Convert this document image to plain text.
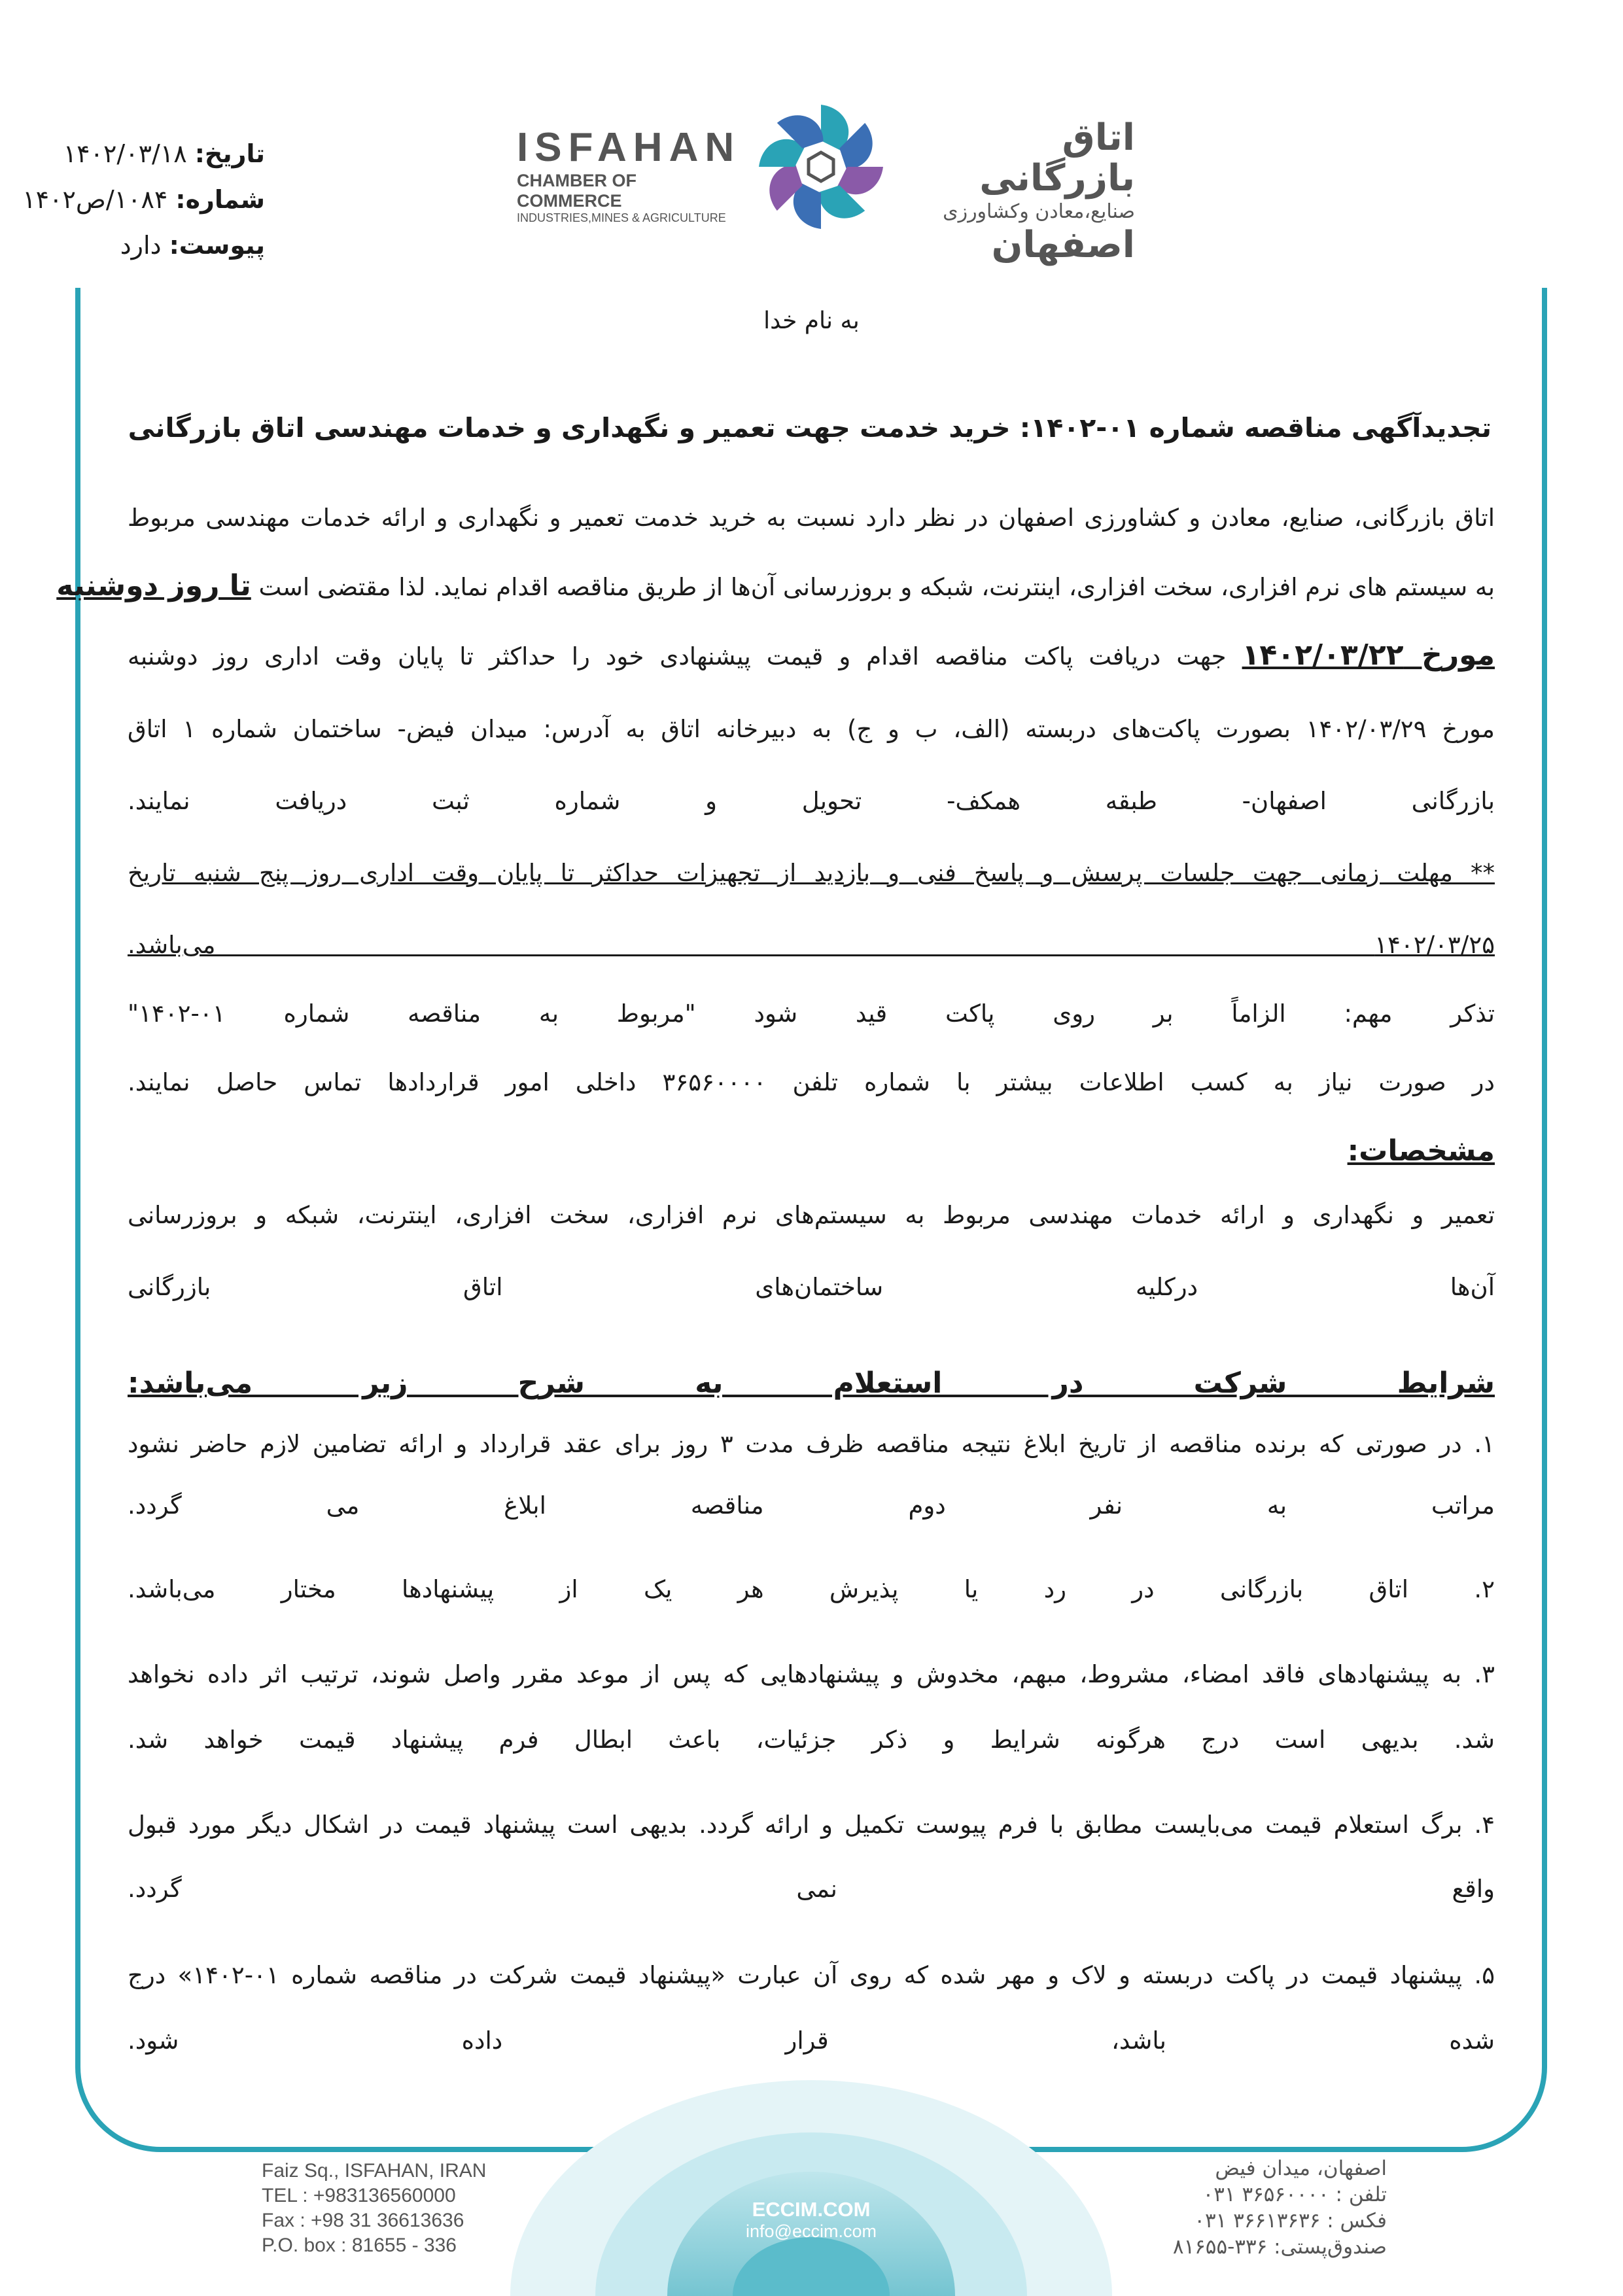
تاریخ: ۱۴۰۲/۰۳/۱۸
شماره: ۱۰۸۴/ص۱۴۰۲
پیوست: دارد
ISFAHAN
CHAMBER OF COMMERCE
INDUSTRIES,MINES & AGRICULTURE
اتاق بازرگانی
صنایع،معادن وکشاورزی
اصفهان
به نام خدا
تجدیدآگهی مناقصه شماره ۰۱-۱۴۰۲: خرید خدمت جهت تعمیر و نگهداری و خدمات مهندسی اتاق بازرگانی
اتاق بازرگانی، صنایع، معادن و کشاورزی اصفهان در نظر دارد نسبت به خرید خدمت تعمیر و نگهداری و ارائه خدمات مهندسی مربوط
به سیستم های نرم افزاری، سخت افزاری، اینترنت، شبکه و بروزرسانی آن‌ها از طریق مناقصه اقدام نماید. لذا مقتضی است تا روز دوشنبه
مورخ ۱۴۰۲/۰۳/۲۲ جهت دریافت پاکت مناقصه اقدام و قیمت پیشنهادی خود را حداکثر تا پایان وقت اداری روز دوشنبه
مورخ ۱۴۰۲/۰۳/۲۹ بصورت پاکت‌های دربسته (الف، ب و ج) به دبیرخانه اتاق به آدرس: میدان فیض- ساختمان شماره ۱ اتاق
بازرگانی اصفهان- طبقه همکف- تحویل و شماره ثبت دریافت نمایند.
** مهلت زمانی جهت جلسات پرسش و پاسخ فنی و بازدید از تجهیزات حداکثر تا پایان وقت اداری روز پنج شنبه تاریخ
۱۴۰۲/۰۳/۲۵ می‌باشد.
تذکر مهم: الزاماً بر روی پاکت قید شود "مربوط به مناقصه شماره ۰۱-۱۴۰۲"
در صورت نیاز به کسب اطلاعات بیشتر با شماره تلفن ۳۶۵۶۰۰۰۰ داخلی امور قراردادها تماس حاصل نمایند.
مشخصات:
تعمیر و نگهداری و ارائه خدمات مهندسی مربوط به سیستم‌های نرم افزاری، سخت افزاری، اینترنت، شبکه و بروزرسانی
آن‌ها درکلیه ساختمان‌های اتاق بازرگانی
شرایط شرکت در استعلام به شرح زیر می‌باشد:
۱. در صورتی که برنده مناقصه از تاریخ ابلاغ نتیجه مناقصه ظرف مدت ۳ روز برای عقد قرارداد و ارائه تضامین لازم حاضر نشود
مراتب به نفر دوم مناقصه ابلاغ می گردد.
۲. اتاق بازرگانی در رد یا پذیرش هر یک از پیشنهادها مختار می‌باشد.
۳. به پیشنهادهای فاقد امضاء، مشروط، مبهم، مخدوش و پیشنهادهایی که پس از موعد مقرر واصل شوند، ترتیب اثر داده نخواهد
شد. بدیهی است درج هرگونه شرایط و ذکر جزئیات، باعث ابطال فرم پیشنهاد قیمت خواهد شد.
۴. برگ استعلام قیمت می‌بایست مطابق با فرم پیوست تکمیل و ارائه گردد. بدیهی است پیشنهاد قیمت در اشکال دیگر مورد قبول
واقع نمی گردد.
۵. پیشنهاد قیمت در پاکت دربسته و لاک و مهر شده که روی آن عبارت «پیشنهاد قیمت شرکت در مناقصه شماره ۰۱-۱۴۰۲» درج
شده باشد، قرار داده شود.
Faiz Sq., ISFAHAN, IRAN
TEL : +983136560000
Fax : +98 31 36613636
P.O. box : 81655 - 336
ECCIM.COM
info@eccim.com
اصفهان، میدان فیض
تلفن : ۳۶۵۶۰۰۰۰ ۰۳۱
فکس : ۳۶۶۱۳۶۳۶ ۰۳۱
صندوق‌پستی: ۳۳۶-۸۱۶۵۵
